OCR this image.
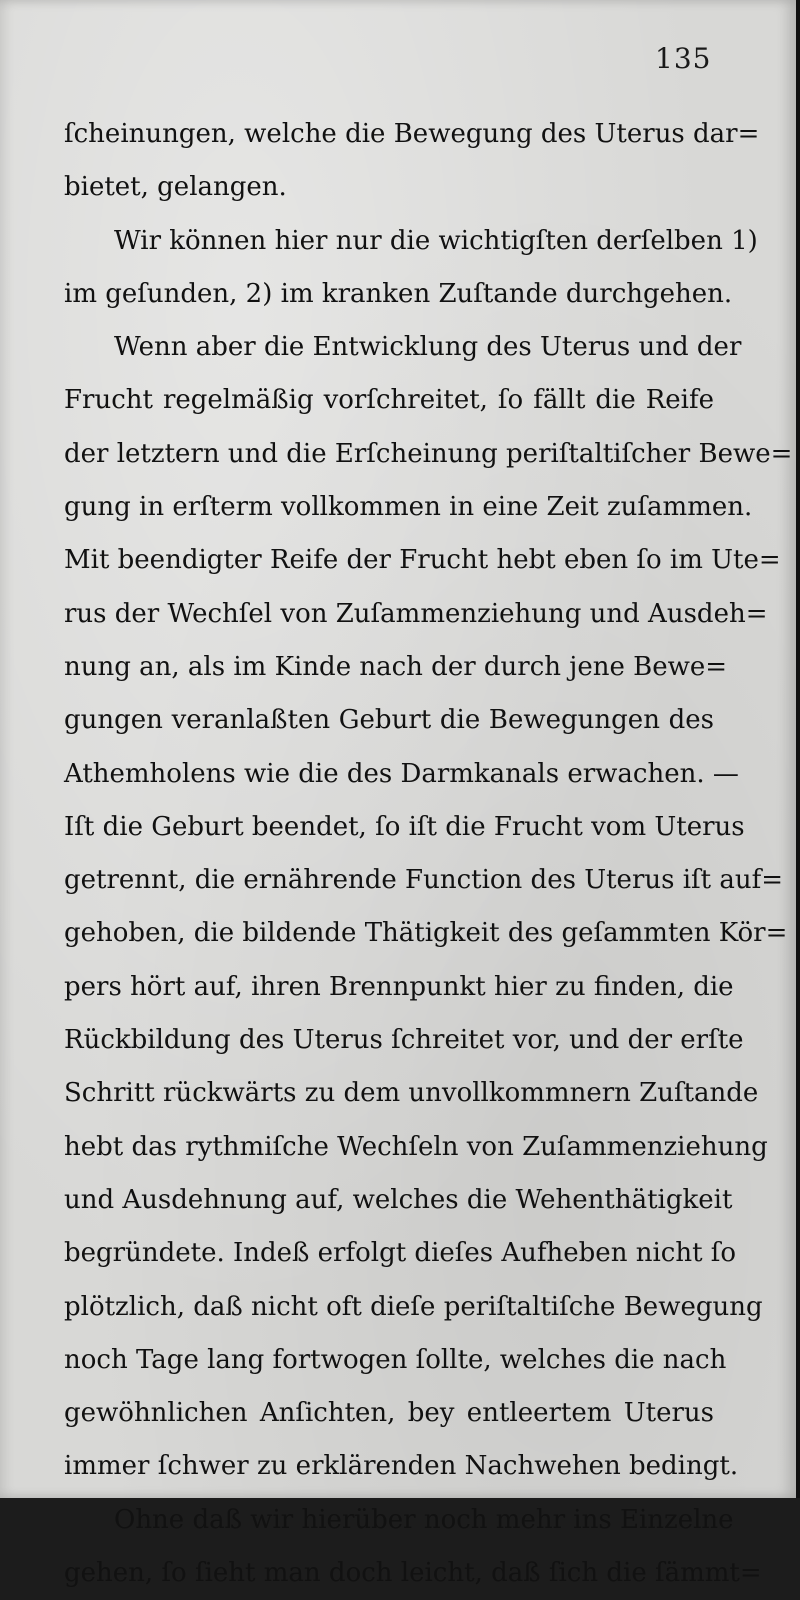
135
ſcheinungen, welche die Bewegung des Uterus dar=
bietet, gelangen.
Wir können hier nur die wichtigſten derſelben 1)
im geſunden, 2) im kranken Zuſtande durchgehen.
Wenn aber die Entwicklung des Uterus und der
Frucht regelmäßig vorſchreitet, ſo fällt die Reife
der letztern und die Erſcheinung periſtaltiſcher Bewe=
gung in erſterm vollkommen in eine Zeit zuſammen.
Mit beendigter Reife der Frucht hebt eben ſo im Ute=
rus der Wechſel von Zuſammenziehung und Ausdeh=
nung an, als im Kinde nach der durch jene Bewe=
gungen veranlaßten Geburt die Bewegungen des
Athemholens wie die des Darmkanals erwachen. —
Iſt die Geburt beendet, ſo iſt die Frucht vom Uterus
getrennt, die ernährende Function des Uterus iſt auf=
gehoben, die bildende Thätigkeit des geſammten Kör=
pers hört auf, ihren Brennpunkt hier zu finden, die
Rückbildung des Uterus ſchreitet vor, und der erſte
Schritt rückwärts zu dem unvollkommnern Zuſtande
hebt das rythmiſche Wechſeln von Zuſammenziehung
und Ausdehnung auf, welches die Wehenthätigkeit
begründete. Indeß erfolgt dieſes Aufheben nicht ſo
plötzlich, daß nicht oft dieſe periſtaltiſche Bewegung
noch Tage lang fortwogen ſollte, welches die nach
gewöhnlichen Anſichten, bey entleertem Uterus
immer ſchwer zu erklärenden Nachwehen bedingt.
Ohne daß wir hierüber noch mehr ins Einzelne
gehen, ſo ſieht man doch leicht, daß ſich die ſämmt=
